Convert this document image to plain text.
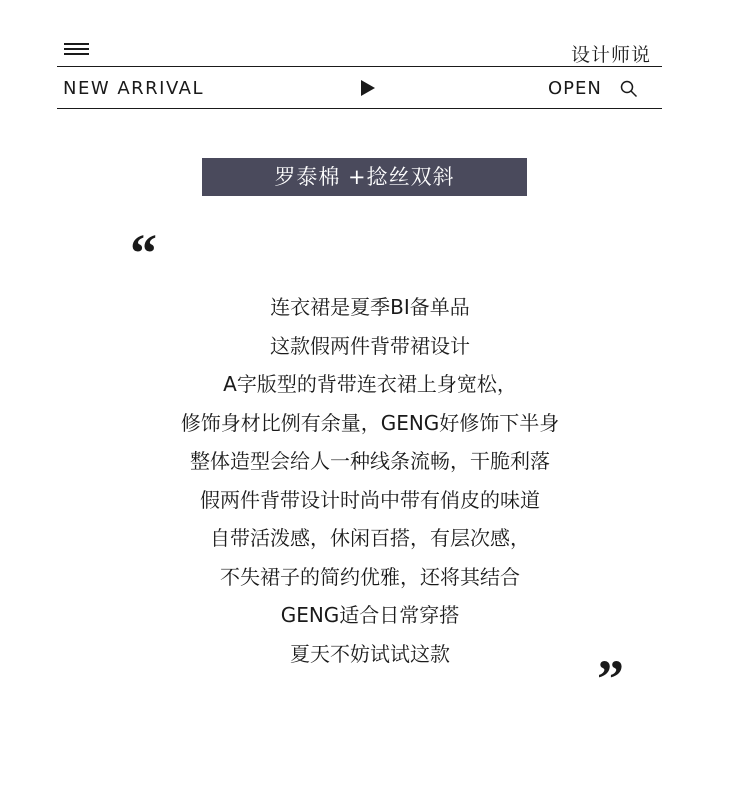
设计师说
NEW ARRIVAL	OPEN
罗泰棉 +捻丝双斜
“
连衣裙是夏季BI备单品
这款假两件背带裙设计
A字版型的背带连衣裙上身宽松，
修饰身材比例有余量，GENG好修饰下半身
整体造型会给人一种线条流畅，干脆利落
假两件背带设计时尚中带有俏皮的味道
自带活泼感，休闲百搭，有层次感，
不失裙子的简约优雅，还将其结合
GENG适合日常穿搭
夏天不妨试试这款	”
